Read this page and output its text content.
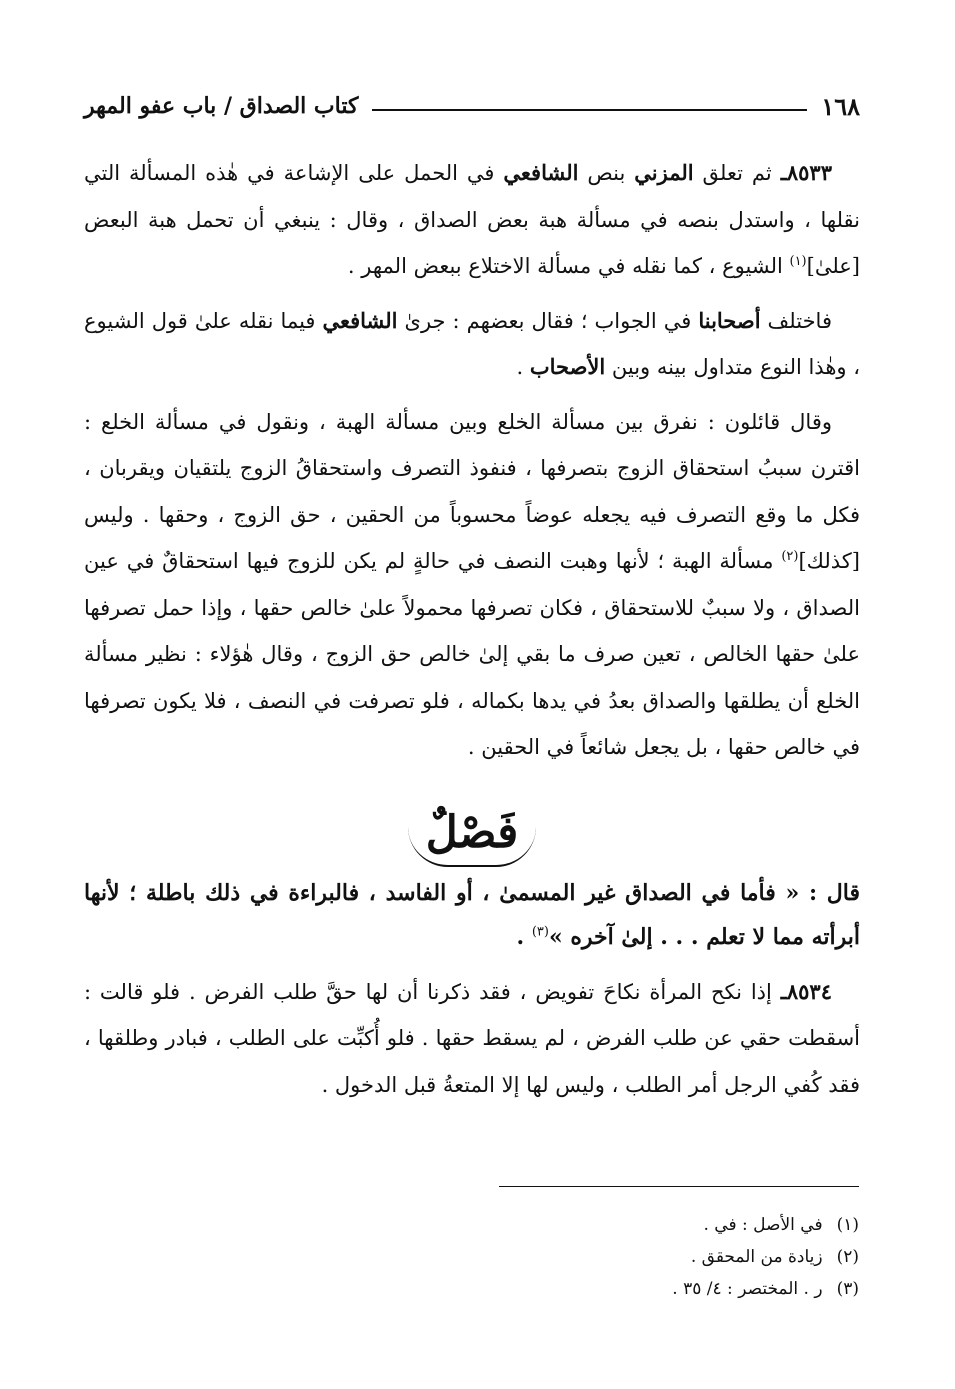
١٦٨
كتاب الصداق / باب عفو المهر

٨٥٣٣ـ ثم تعلق المزني بنص الشافعي في الحمل على الإشاعة في هٰذه المسألة التي نقلها ، واستدل بنصه في مسألة هبة بعض الصداق ، وقال : ينبغي أن تحمل هبة البعض [علىٰ]$^{(١)}$ الشيوع ، كما نقله في مسألة الاختلاع ببعض المهر .

فاختلف أصحابنا في الجواب ؛ فقال بعضهم : جرىٰ الشافعي فيما نقله علىٰ قول الشيوع ، وهٰذا النوع متداول بينه وبين الأصحاب .

وقال قائلون : نفرق بين مسألة الخلع وبين مسألة الهبة ، ونقول في مسألة الخلع : اقترن سببُ استحقاق الزوج بتصرفها ، فنفوذ التصرف واستحقاقُ الزوج يلتقيان ويقربان ، فكل ما وقع التصرف فيه يجعله عوضاً محسوباً من الحقين ، حق الزوج ، وحقها . وليس [كذلك]$^{(٢)}$ مسألة الهبة ؛ لأنها وهبت النصف في حالةٍ لم يكن للزوج فيها استحقاقٌ في عين الصداق ، ولا سببٌ للاستحقاق ، فكان تصرفها محمولاً علىٰ خالص حقها ، وإذا حمل تصرفها علىٰ حقها الخالص ، تعين صرف ما بقي إلىٰ خالص حق الزوج ، وقال هٰؤلاء : نظير مسألة الخلع أن يطلقها والصداق بعدُ في يدها بكماله ، فلو تصرفت في النصف ، فلا يكون تصرفها في خالص حقها ، بل يجعل شائعاً في الحقين .

فَصْلٌ

قال : « فأما في الصداق غير المسمىٰ ، أو الفاسد ، فالبراءة في ذلك باطلة ؛ لأنها أبرأته مما لا تعلم . . . إلىٰ آخره »$^{(٣)}$ .

٨٥٣٤ـ إذا نكح المرأة نكاحَ تفويض ، فقد ذكرنا أن لها حقَّ طلب الفرض . فلو قالت : أسقطت حقي عن طلب الفرض ، لم يسقط حقها . فلو أُكبِّت على الطلب ، فبادر وطلقها ، فقد كُفي الرجل أمر الطلب ، وليس لها إلا المتعةُ قبل الدخول .

(١)
في الأصل : في .
(٢)
زيادة من المحقق .
(٣)
ر . المختصر : ٤/ ٣٥ .
